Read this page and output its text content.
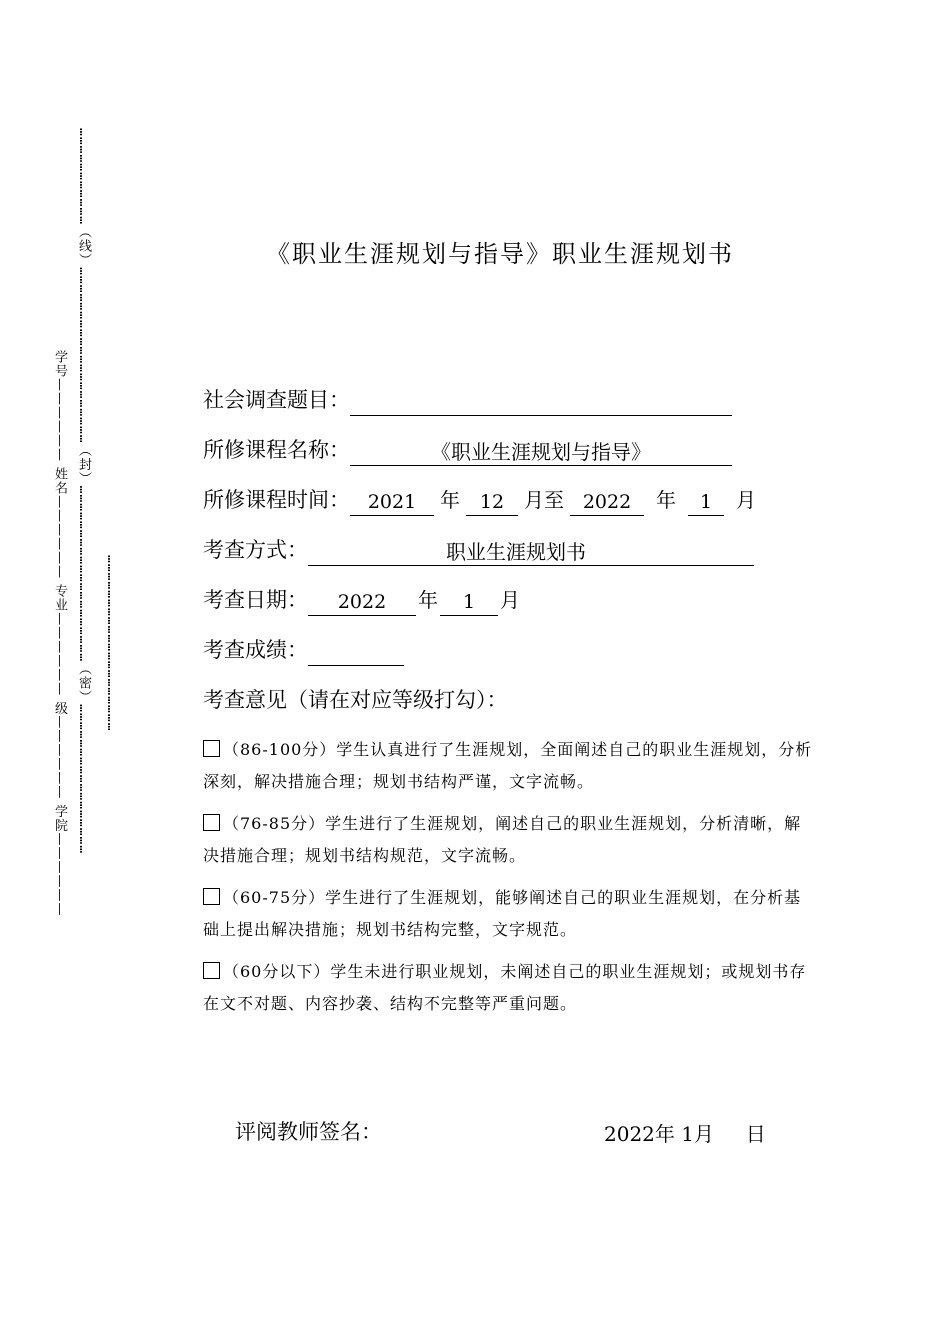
……………………………（线）……………………………………………………（封）……………………………………………………（密）……………………………………………
学号—————— 姓名—————— 专业—————— 级—————— 学院——————	……………………………………………………
《职业生涯规划与指导》职业生涯规划书
社会调查题目：
所修课程名称：	《职业生涯规划与指导》
所修课程时间： 2021 年 12 月至 2022 年 1 月
考查方式：	职业生涯规划书
考查日期： 2022 年 1 月
考查成绩：
考查意见（请在对应等级打勾）：
（86-100分）学生认真进行了生涯规划，全面阐述自己的职业生涯规划，分析深刻，解决措施合理；规划书结构严谨，文字流畅。
（76-85分）学生进行了生涯规划，阐述自己的职业生涯规划，分析清晰，解决措施合理；规划书结构规范，文字流畅。
（60-75分）学生进行了生涯规划，能够阐述自己的职业生涯规划，在分析基础上提出解决措施；规划书结构完整，文字规范。
（60分以下）学生未进行职业规划，未阐述自己的职业生涯规划；或规划书存在文不对题、内容抄袭、结构不完整等严重问题。
评阅教师签名：	2022年 1月     日
